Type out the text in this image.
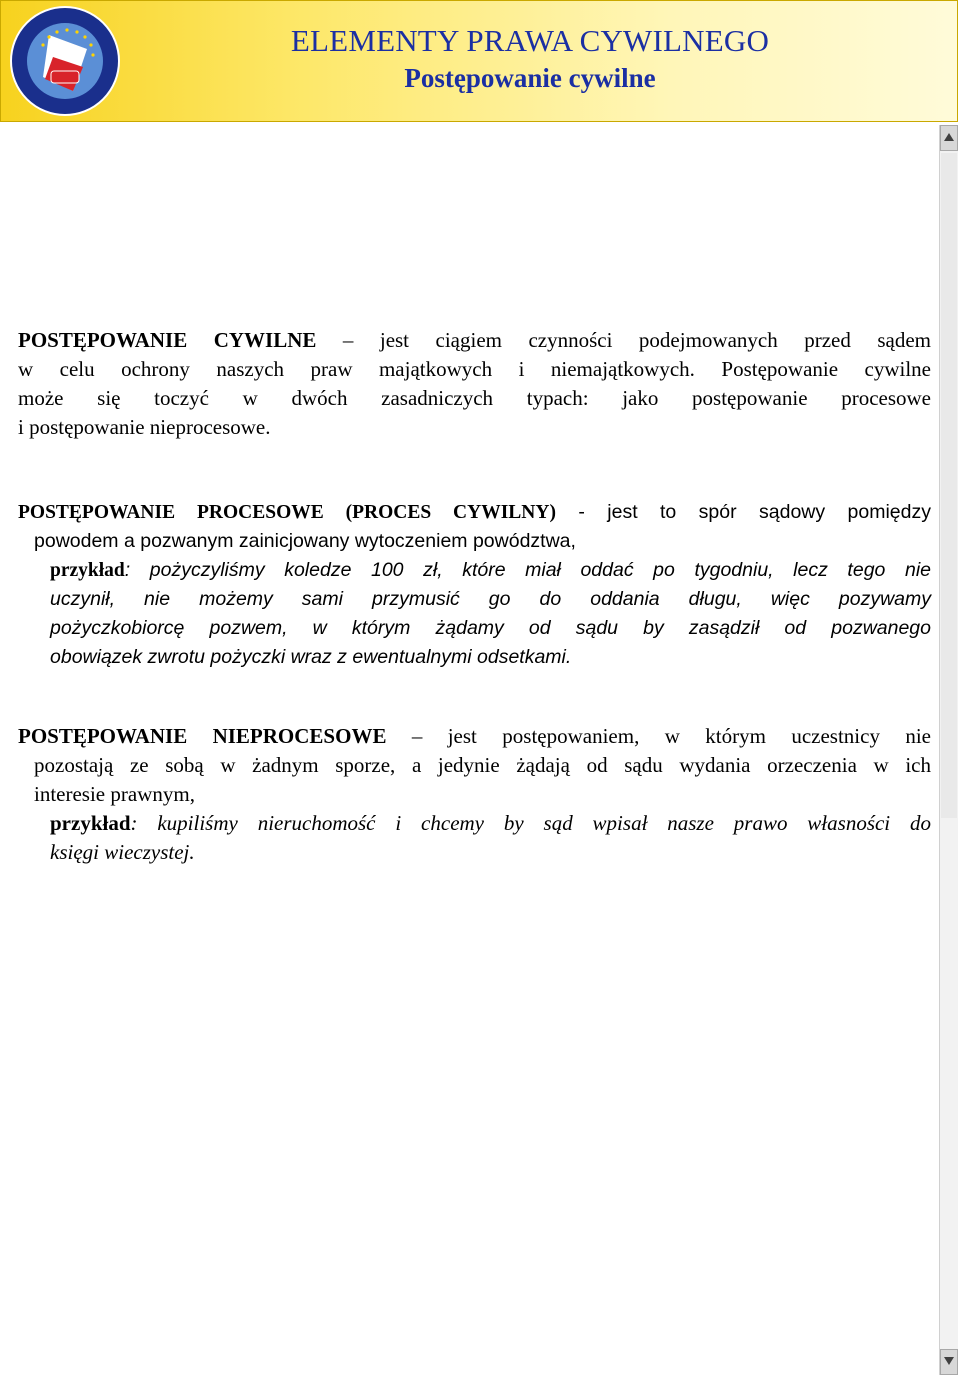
ELEMENTY PRAWA CYWILNEGO
Postępowanie cywilne
POSTĘPOWANIE CYWILNE – jest ciągiem czynności podejmowanych przed sądem
w celu ochrony naszych praw majątkowych i niemajątkowych. Postępowanie cywilne
może się toczyć w dwóch zasadniczych typach: jako postępowanie procesowe
i postępowanie nieprocesowe.
POSTĘPOWANIE PROCESOWE (PROCES CYWILNY) - jest to spór sądowy pomiędzy
powodem a pozwanym zainicjowany wytoczeniem powództwa,
przykład: pożyczyliśmy koledze 100 zł, które miał oddać po tygodniu, lecz tego nie
uczynił, nie możemy sami przymusić go do oddania długu, więc pozywamy
pożyczkobiorcę pozwem, w którym żądamy od sądu by zasądził od pozwanego
obowiązek zwrotu pożyczki wraz z ewentualnymi odsetkami.
POSTĘPOWANIE NIEPROCESOWE – jest postępowaniem, w którym uczestnicy nie
pozostają ze sobą w żadnym sporze, a jedynie żądają od sądu wydania orzeczenia w ich
interesie prawnym,
przykład: kupiliśmy nieruchomość i chcemy by sąd wpisał nasze prawo własności do
księgi wieczystej.
